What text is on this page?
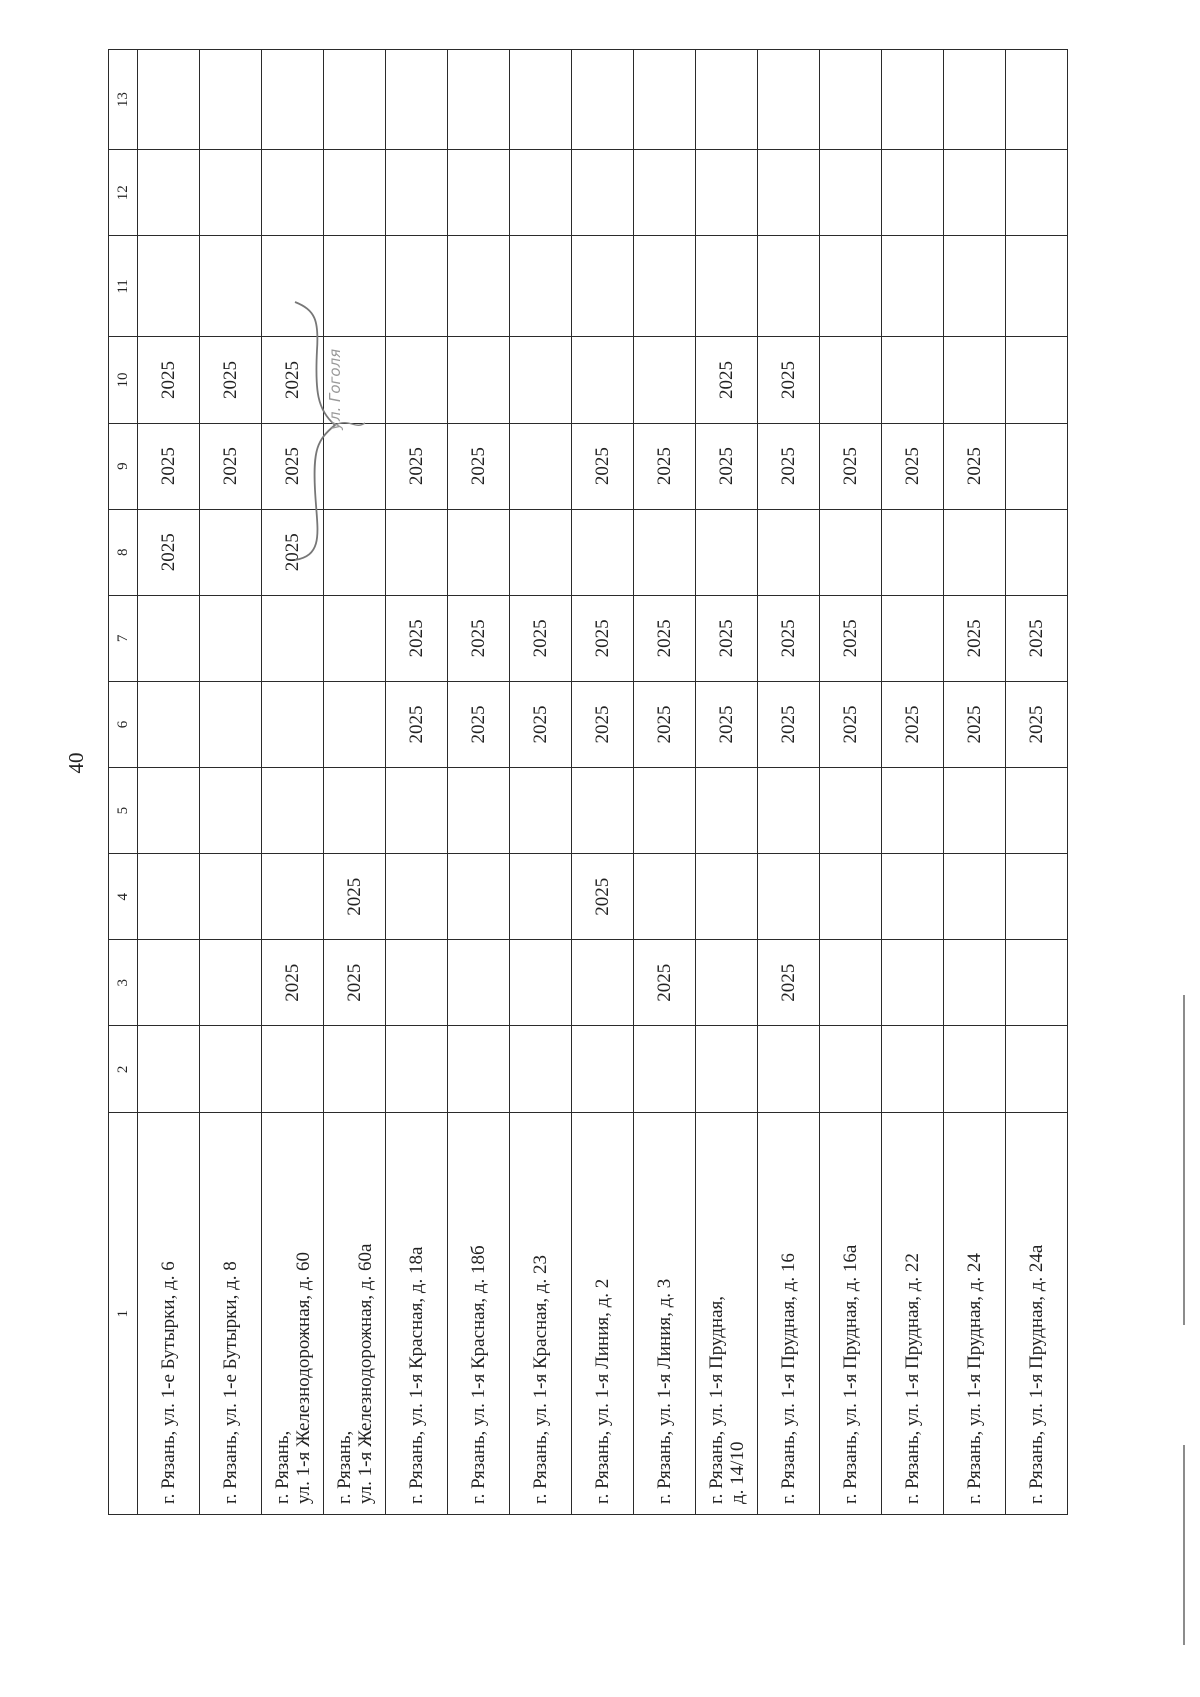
40
1	2	3	4	5	6	7	8	9	10	11	12	13
г. Рязань, ул. 1-е Бутырки, д. 6							2025	2025	2025			
г. Рязань, ул. 1-е Бутырки, д. 8								2025	2025			
г. Рязань,
ул. 1-я Железнодорожная, д. 60		2025					2025	2025	2025			
г. Рязань,
ул. 1-я Железнодорожная, д. 60а		2025	2025									
г. Рязань, ул. 1-я Красная, д. 18а					2025	2025		2025				
г. Рязань, ул. 1-я Красная, д. 18б					2025	2025		2025				
г. Рязань, ул. 1-я Красная, д. 23					2025	2025						
г. Рязань, ул. 1-я Линия, д. 2			2025		2025	2025		2025				
г. Рязань, ул. 1-я Линия, д. 3		2025			2025	2025		2025				
г. Рязань, ул. 1-я Прудная,
д. 14/10					2025	2025		2025	2025			
г. Рязань, ул. 1-я Прудная, д. 16		2025			2025	2025		2025	2025			
г. Рязань, ул. 1-я Прудная, д. 16а					2025	2025		2025				
г. Рязань, ул. 1-я Прудная, д. 22					2025			2025				
г. Рязань, ул. 1-я Прудная, д. 24					2025	2025		2025				
г. Рязань, ул. 1-я Прудная, д. 24а					2025	2025						
ул. Гоголя
